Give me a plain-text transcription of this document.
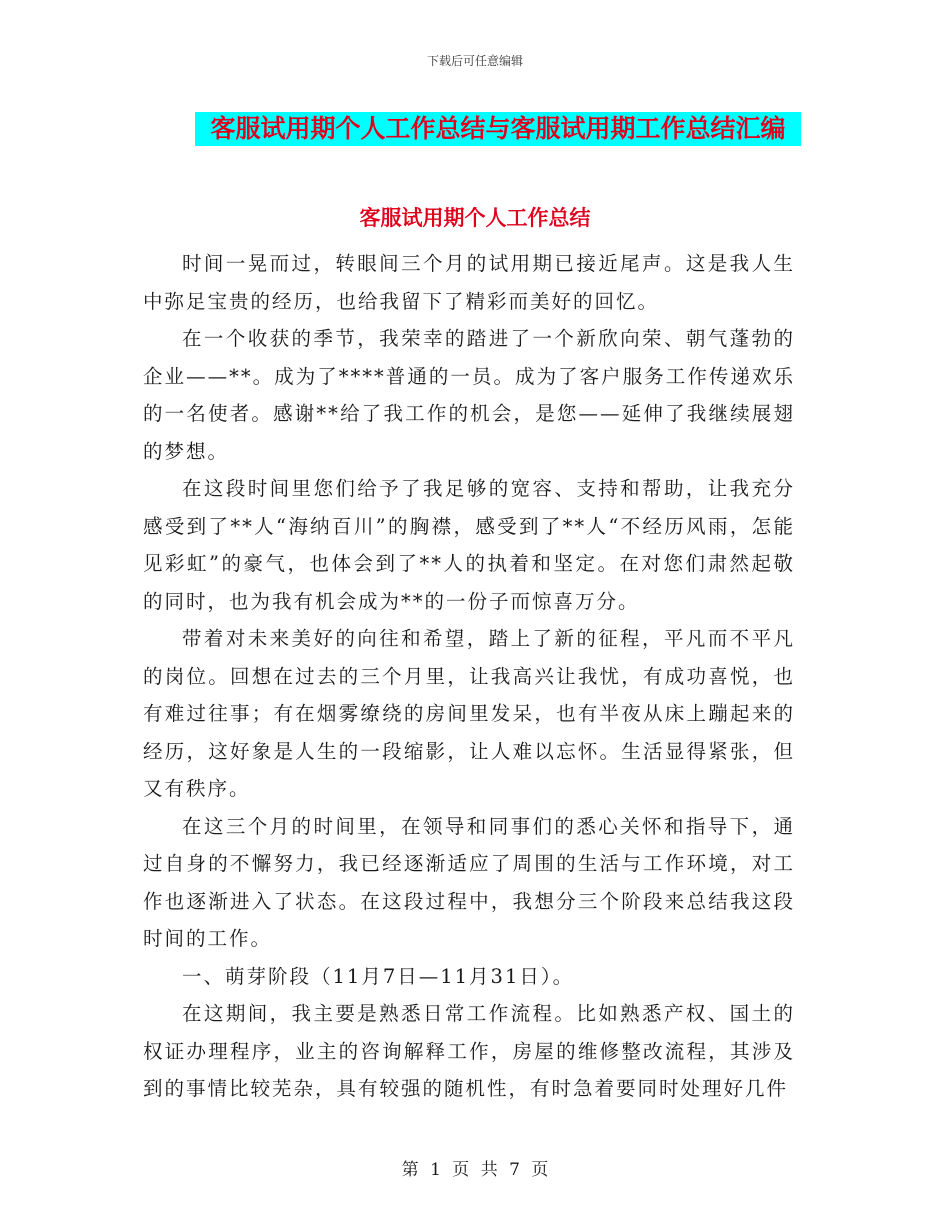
下载后可任意编辑
客服试用期个人工作总结与客服试用期工作总结汇编
客服试用期个人工作总结

时间一晃而过，转眼间三个月的试用期已接近尾声。这是我人生中弥足宝贵的经历，也给我留下了精彩而美好的回忆。

在一个收获的季节，我荣幸的踏进了一个新欣向荣、朝气蓬勃的企业——**。成为了****普通的一员。成为了客户服务工作传递欢乐的一名使者。感谢**给了我工作的机会，是您——延伸了我继续展翅的梦想。

在这段时间里您们给予了我足够的宽容、支持和帮助，让我充分感受到了**人“海纳百川”的胸襟，感受到了**人“不经历风雨，怎能见彩虹”的豪气，也体会到了**人的执着和坚定。在对您们肃然起敬的同时，也为我有机会成为**的一份子而惊喜万分。

带着对未来美好的向往和希望，踏上了新的征程，平凡而不平凡的岗位。回想在过去的三个月里，让我高兴让我忧，有成功喜悦，也有难过往事；有在烟雾缭绕的房间里发呆，也有半夜从床上蹦起来的经历，这好象是人生的一段缩影，让人难以忘怀。生活显得紧张，但又有秩序。

在这三个月的时间里，在领导和同事们的悉心关怀和指导下，通过自身的不懈努力，我已经逐渐适应了周围的生活与工作环境，对工作也逐渐进入了状态。在这段过程中，我想分三个阶段来总结我这段时间的工作。

一、萌芽阶段（11月7日—11月31日）。

在这期间，我主要是熟悉日常工作流程。比如熟悉产权、国土的权证办理程序，业主的咨询解释工作，房屋的维修整改流程，其涉及到的事情比较芜杂，具有较强的随机性，有时急着要同时处理好几件

第 1 页 共 7 页
